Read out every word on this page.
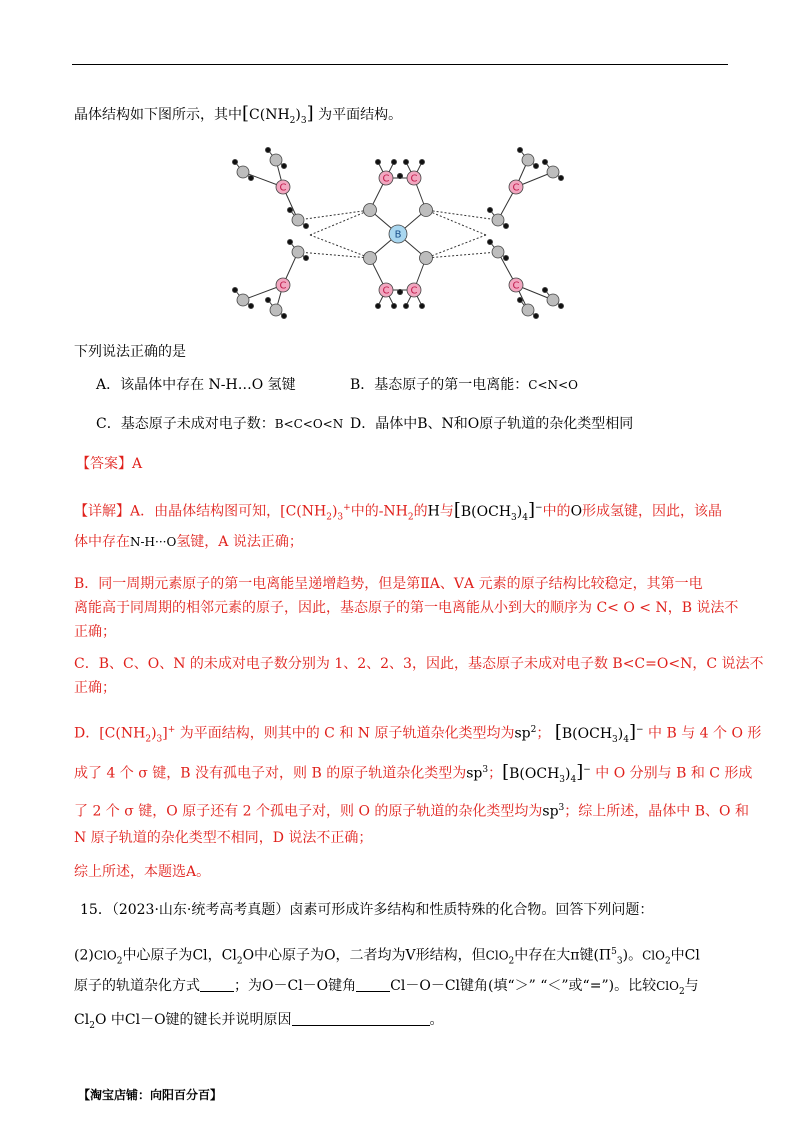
晶体结构如下图所示，其中$[C(NH_2)_3]$ 为平面结构。
C
C
C
C
C C
C C
B
下列说法正确的是
A．该晶体中存在 N-H…O 氢键	B．基态原子的第一电离能：C<N<O
C．基态原子未成对电子数：B<C<O<N D．晶体中B、N和O原子轨道的杂化类型相同
【答案】A
【详解】A．由晶体结构图可知，[$C(NH_2)_3^+$中的$-NH_2$的H与$[B(OCH_3)_4]^-$中的O形成氢键，因此，该晶
体中存在N-H···O氢键，A 说法正确；
B．同一周期元素原子的第一电离能呈递增趋势，但是第ⅡA、ⅤA 元素的原子结构比较稳定，其第一电
离能高于同周期的相邻元素的原子，因此，基态原子的第一电离能从小到大的顺序为 C< O < N，B 说法不
正确；
C．B、C、O、N 的未成对电子数分别为 1、2、2、3，因此，基态原子未成对电子数 B<C=O<N，C 说法不
正确；
D．$[C(NH_2)_3]^+$ 为平面结构，则其中的 C 和 N 原子轨道杂化类型均为$sp^2$； $[B(OCH_3)_4]^-$ 中 B 与 4 个 O 形
成了 4 个 σ 键，B 没有孤电子对，则 B 的原子轨道杂化类型为$sp^3$；$[B(OCH_3)_4]^-$ 中 O 分别与 B 和 C 形成
了 2 个 σ 键，O 原子还有 2 个孤电子对，则 O 的原子轨道的杂化类型均为$sp^3$；综上所述，晶体中 B、O 和
N 原子轨道的杂化类型不相同，D 说法不正确；
综上所述，本题选A。
15．（2023·山东·统考高考真题）卤素可形成许多结构和性质特殊的化合物。回答下列问题：
(2)ClO$_2$中心原子为Cl，$Cl_2O$中心原子为O，二者均为V形结构，但ClO$_2$中存在大π键$(\Pi^5_3)$。ClO$_2$中Cl
原子的轨道杂化方式 ；为O－Cl－O键角 Cl－O－Cl键角(填“＞” “＜”或“=”)。比较ClO$_2$与
$Cl_2O$ 中Cl－O键的键长并说明原因	。
【淘宝店铺：向阳百分百】
